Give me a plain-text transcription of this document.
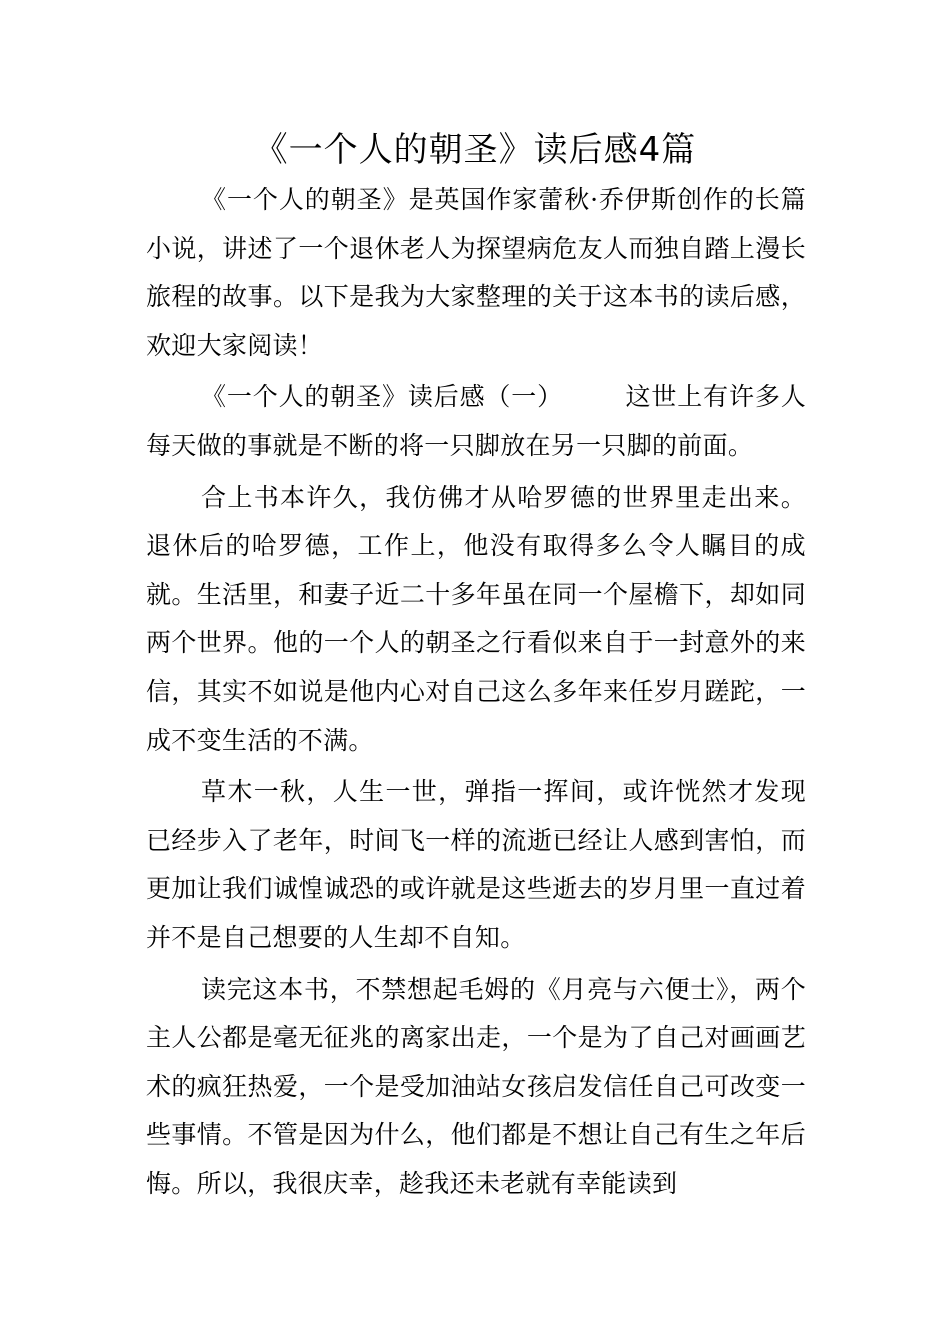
《一个人的朝圣》读后感4篇

《一个人的朝圣》是英国作家蕾秋·乔伊斯创作的长篇小说，讲述了一个退休老人为探望病危友人而独自踏上漫长旅程的故事。以下是我为大家整理的关于这本书的读后感，欢迎大家阅读！

《一个人的朝圣》读后感（一） 这世上有许多人每天做的事就是不断的将一只脚放在另一只脚的前面。

合上书本许久，我仿佛才从哈罗德的世界里走出来。退休后的哈罗德，工作上，他没有取得多么令人瞩目的成就。生活里，和妻子近二十多年虽在同一个屋檐下，却如同两个世界。他的一个人的朝圣之行看似来自于一封意外的来信，其实不如说是他内心对自己这么多年来任岁月蹉跎，一成不变生活的不满。

草木一秋，人生一世，弹指一挥间，或许恍然才发现已经步入了老年，时间飞一样的流逝已经让人感到害怕，而更加让我们诚惶诚恐的或许就是这些逝去的岁月里一直过着并不是自己想要的人生却不自知。

读完这本书，不禁想起毛姆的《月亮与六便士》，两个主人公都是毫无征兆的离家出走，一个是为了自己对画画艺术的疯狂热爱，一个是受加油站女孩启发信任自己可改变一些事情。不管是因为什么，他们都是不想让自己有生之年后悔。所以，我很庆幸，趁我还未老就有幸能读到
